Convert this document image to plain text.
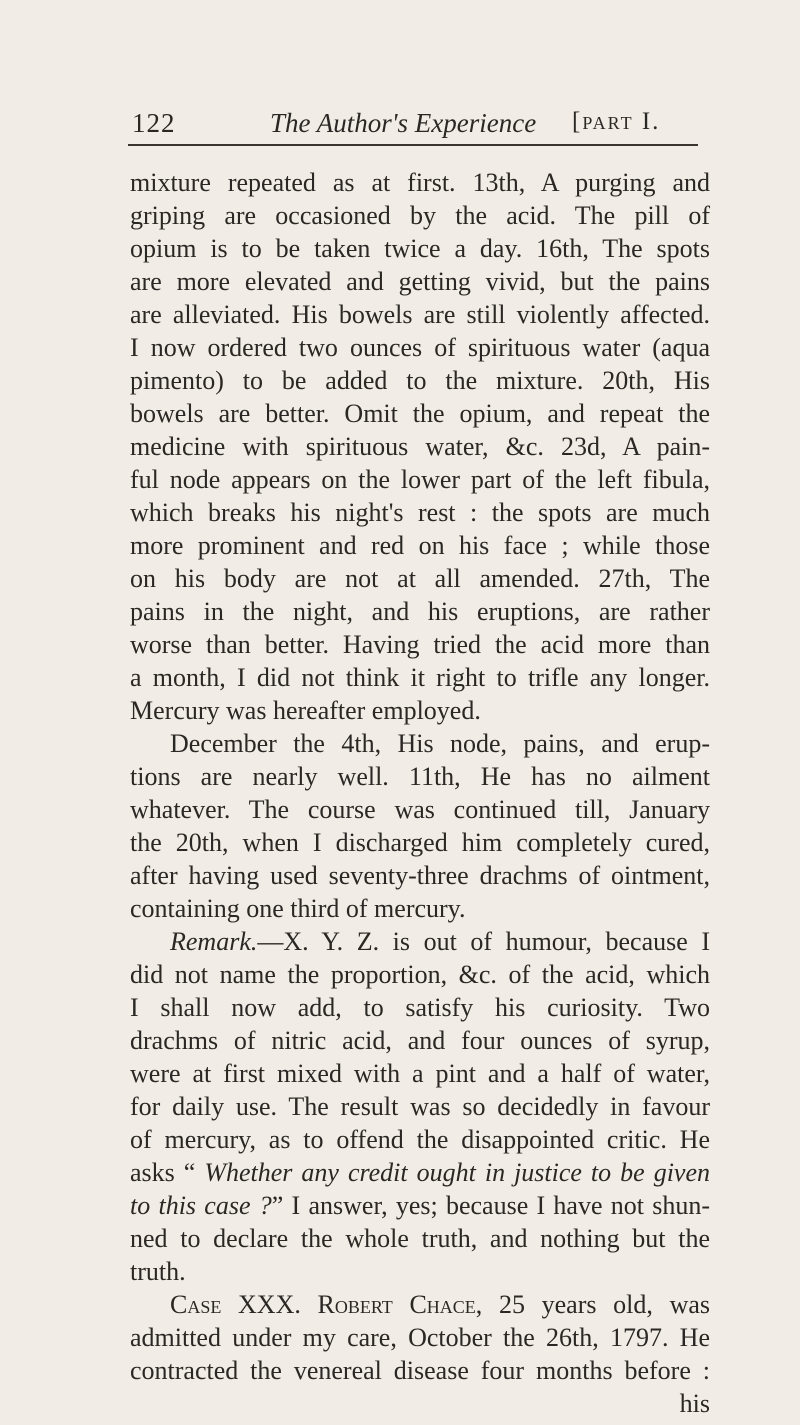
122	The Author's Experience [part I.
mixture repeated as at first. 13th, A purging and
griping are occasioned by the acid. The pill of
opium is to be taken twice a day. 16th, The spots
are more elevated and getting vivid, but the pains
are alleviated. His bowels are still violently affected.
I now ordered two ounces of spirituous water (aqua
pimento) to be added to the mixture. 20th, His
bowels are better. Omit the opium, and repeat the
medicine with spirituous water, &c. 23d, A pain-
ful node appears on the lower part of the left fibula,
which breaks his night's rest : the spots are much
more prominent and red on his face ; while those
on his body are not at all amended. 27th, The
pains in the night, and his eruptions, are rather
worse than better. Having tried the acid more than
a month, I did not think it right to trifle any longer.
Mercury was hereafter employed.
December the 4th, His node, pains, and erup-
tions are nearly well. 11th, He has no ailment
whatever. The course was continued till, January
the 20th, when I discharged him completely cured,
after having used seventy-three drachms of ointment,
containing one third of mercury.
Remark.—X. Y. Z. is out of humour, because I
did not name the proportion, &c. of the acid, which
I shall now add, to satisfy his curiosity. Two
drachms of nitric acid, and four ounces of syrup,
were at first mixed with a pint and a half of water,
for daily use. The result was so decidedly in favour
of mercury, as to offend the disappointed critic. He
asks “ Whether any credit ought in justice to be given
to this case ?” I answer, yes; because I have not shun-
ned to declare the whole truth, and nothing but the
truth.
Case XXX. Robert Chace, 25 years old, was
admitted under my care, October the 26th, 1797. He
contracted the venereal disease four months before :
his
